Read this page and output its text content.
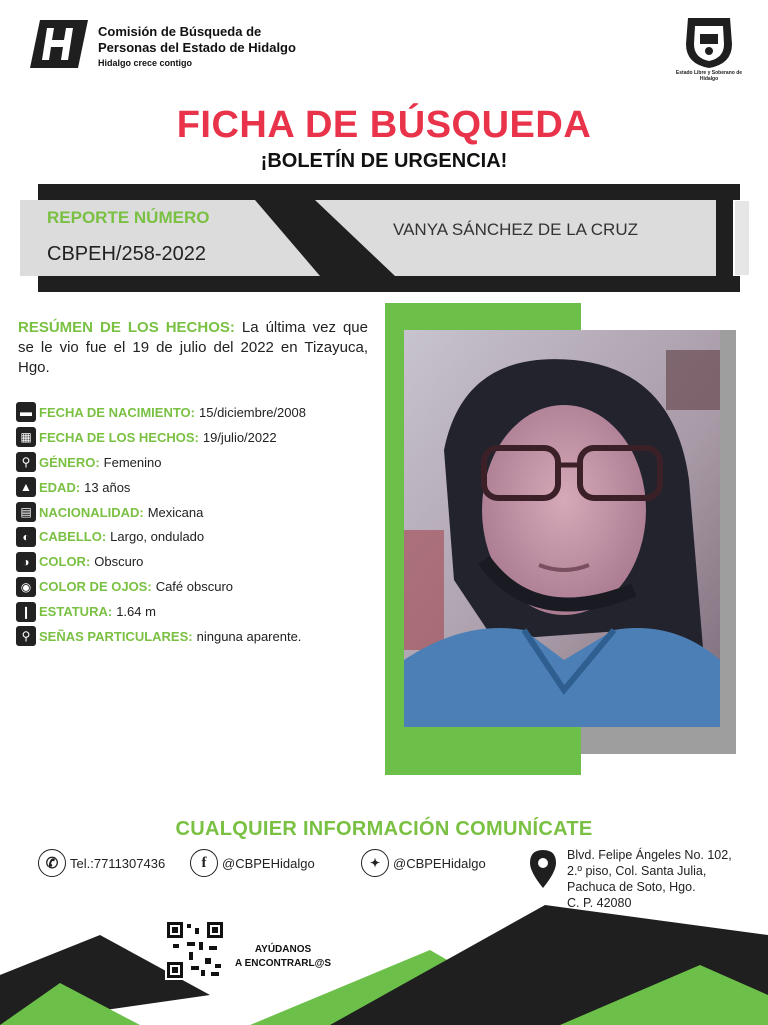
Comisión de Búsqueda de
Personas del Estado de Hidalgo
Hidalgo crece contigo
Estado Libre y Soberano de Hidalgo
FICHA DE BÚSQUEDA
¡BOLETÍN DE URGENCIA!
REPORTE NÚMERO
CBPEH/258-2022
VANYA SÁNCHEZ DE LA CRUZ
RESÚMEN DE LOS HECHOS: La última vez que se le vio fue el 19 de julio del 2022 en Tizayuca, Hgo.
▬ FECHA DE NACIMIENTO: 15/diciembre/2008
▦ FECHA DE LOS HECHOS: 19/julio/2022
⚲ GÉNERO: Femenino
▲ EDAD: 13 años
▤ NACIONALIDAD: Mexicana
◐ CABELLO: Largo, ondulado
◑ COLOR: Obscuro
◉ COLOR DE OJOS: Café obscuro
❙ ESTATURA: 1.64 m
⚲ SEÑAS PARTICULARES: ninguna aparente.
CUALQUIER INFORMACIÓN COMUNÍCATE
✆ Tel.:7711307436	f	@CBPEHidalgo	✦ @CBPEHidalgo
Blvd. Felipe Ángeles No. 102,
2.º piso, Col. Santa Julia,
Pachuca de Soto, Hgo.
C. P. 42080
AYÚDANOS
A ENCONTRARL@S
